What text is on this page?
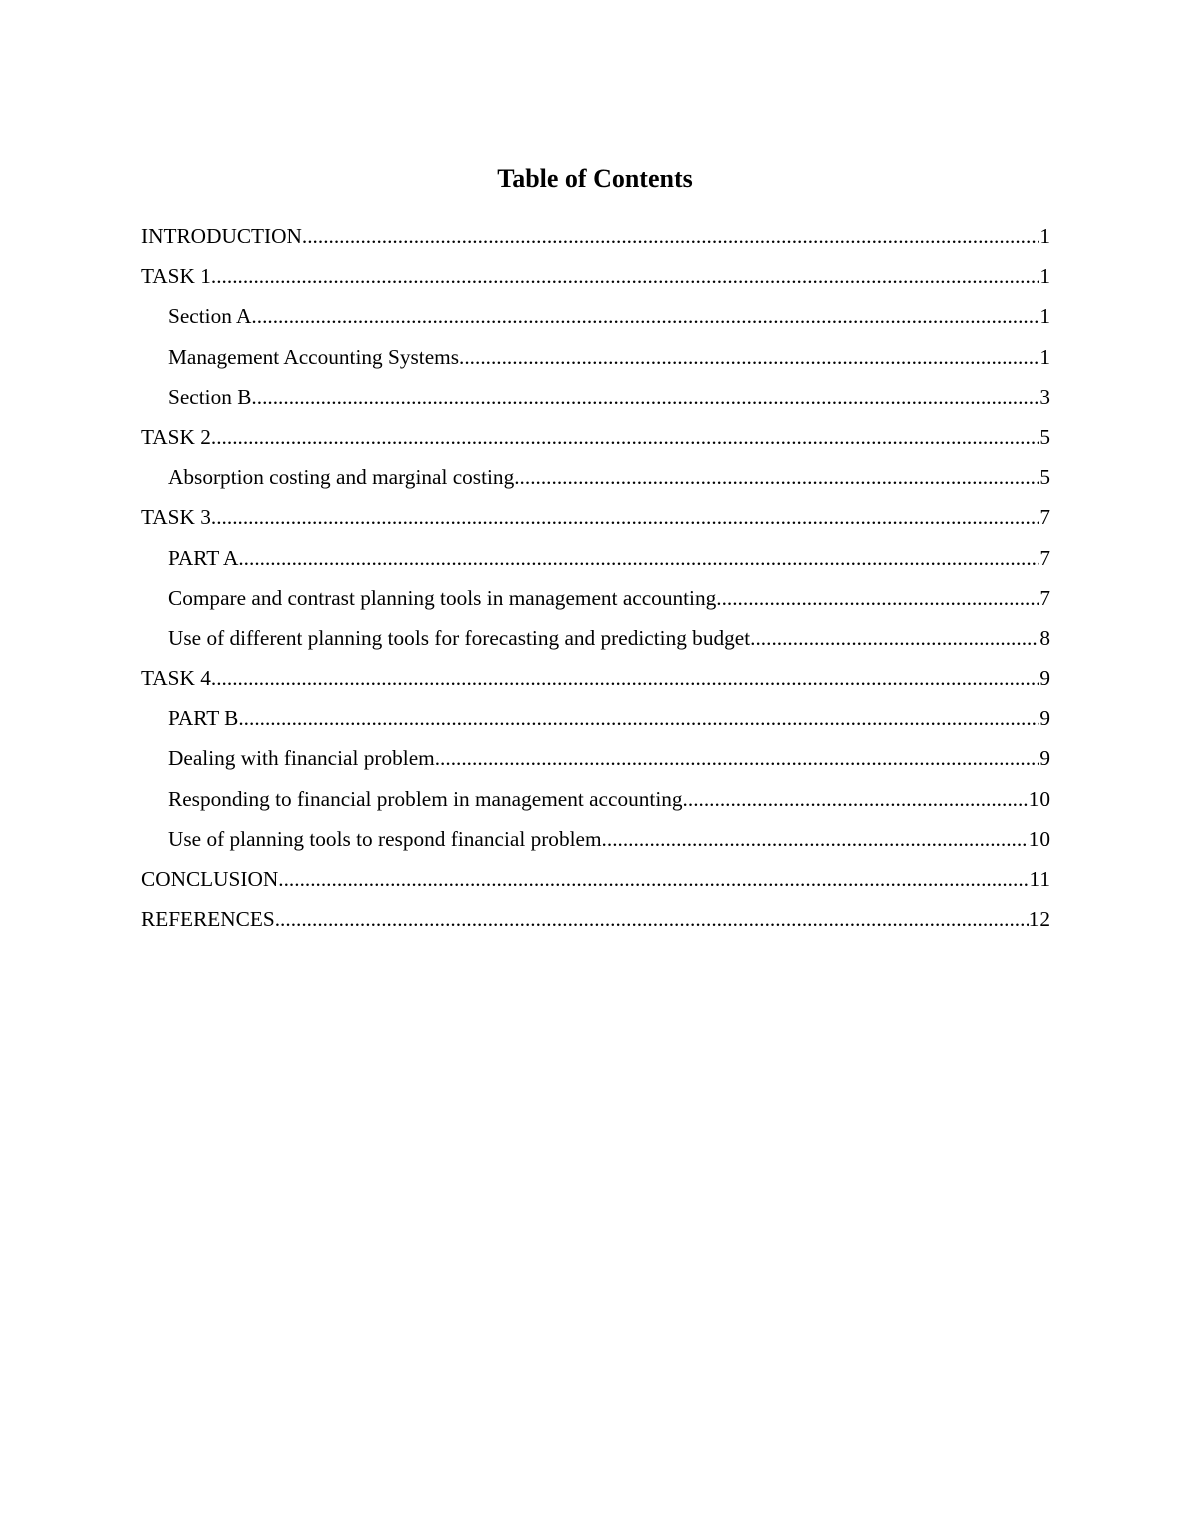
Table of Contents
INTRODUCTION .....	1
TASK 1 .....	1
Section A .....	1
Management Accounting Systems .....	1
Section B .....	3
TASK 2 .....	5
Absorption costing and marginal costing .....	5
TASK 3 .....	7
PART A .....	7
Compare and contrast planning tools in management accounting .....	7
Use of different planning tools for forecasting and predicting budget .....	8
TASK 4 .....	9
PART B .....	9
Dealing with financial problem .....	9
Responding to financial problem in management accounting .....	10
Use of planning tools to respond financial problem .....	10
CONCLUSION .....	11
REFERENCES .....	12
